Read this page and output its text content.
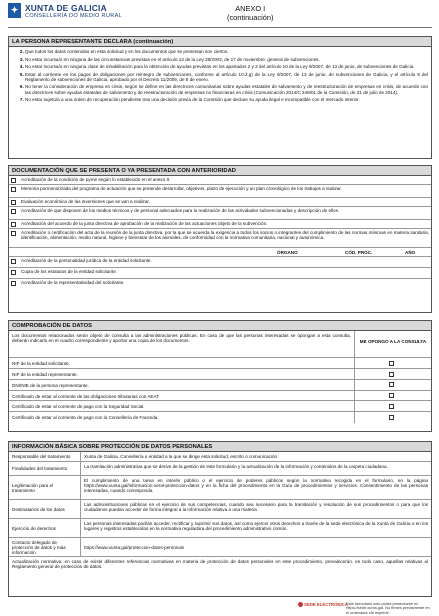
✦ XUNTA DE GALICIA
CONSELLERÍA DO MEDIO RURAL
ANEXO I
(continuación)
LA PERSONA REPRESENTANTE DECLARA (continuación)
2. Que todos los datos contenidos en esta solicitud y en los documentos que se presentan son ciertos.
3. No estar incursa/o en ninguna de las circunstancias previstas en el artículo 13 de la Ley 38/2003, de 17 de noviembre, general de subvenciones.
4. No estar incursa/o en ninguna clase de inhabilitación para la obtención de ayudas previstas en los apartados 2 y 3 del artículo 10 de la Ley 9/2007, de 13 de junio, de subvenciones de Galicia.
5. Estar al corriente en los pagos de obligaciones por reintegro de subvenciones, conforme al artículo 10.2.g) de la Ley 9/2007, de 13 de junio, de subvenciones de Galicia, y el artículo 9 del Reglamento de subvenciones de Galicia, aprobado por el Decreto 11/2009, de 8 de enero.
6. No tener la consideración de empresa en crisis, según se define en las directrices comunitarias sobre ayudas estatales de salvamento y de reestructuración de empresas en crisis, de acuerdo con las directrices sobre ayudas estatales de salvamento y de reestructuración de empresas no financieras en crisis (Comunicación 2014/C 249/01 de la Comisión, de 31 de julio de 2014).
7. No estar sujeto/a a una orden de recuperación pendiente tras una decisión previa de la Comisión que declare su ayuda ilegal e incompatible con el mercado interior.
DOCUMENTACIÓN QUE SE PRESENTA O YA PRESENTADA CON ANTERIORIDAD
Acreditación de la condición de pyme según lo establecido en el anexo II.
Memoria pormenorizada del programa de actuación que se pretende desarrollar, objetivos, plazo de ejecución y un plan cronológico de los trabajos a realizar.
Evaluación económica de las inversiones que se van a realizar.
Acreditación de que disponen de los medios técnicos y de personal adecuados para la realización de las actividades subvencionadas y descripción de ellos.
Acreditación del acuerdo de la junta directiva de aprobación de la realización de las actuaciones objeto de la subvención.
Acreditación o certificación del acta de la reunión de la junta directiva, por la que se acuerda la exigencia a todos los socios o integrantes del cumplimiento de las normas mínimas en materia sanitaria, identificación, alimentación, medio natural, higiene y bienestar de los animales, de conformidad con la normativa comunitaria, nacional y autonómica.
ÓRGANO	CÓD. PROC.	AÑO
Acreditación de la personalidad jurídica de la entidad solicitante.
Copia de los estatutos de la entidad solicitante.
Acreditación de la representatividad del solicitante.
COMPROBACIÓN DE DATOS
Los documentos relacionados serán objeto de consulta a las administraciones públicas. En caso de que las personas interesadas se opongan a esta consulta, deberán indicarlo en el cuadro correspondiente y aportar una copia de los documentos.	ME OPONGO A LA CONSULTA
NIF de la entidad solicitante.
NIF de la entidad representante.
DNI/NIE de la persona representante.
Certificado de estar al corriente de las obligaciones tributarias con AEAT.
Certificado de estar al corriente de pago con la Seguridad Social.
Certificado de estar al corriente de pago con la Consellería de Facenda.
INFORMACIÓN BÁSICA SOBRE PROTECCIÓN DE DATOS PERSONALES
Responsable del tratamiento	Xunta de Galicia. Consellería o entidad a la que se dirige esta solicitud, escrito o comunicación.
Finalidades del tratamiento	La tramitación administrativa que se derive de la gestión de este formulario y la actualización de la información y contenidos de la carpeta ciudadana.
Legitimación para el tratamiento
El cumplimiento de una tarea en interés público o el ejercicio de poderes públicos según la normativa recogida en el formulario, en la página https://www.xunta.gal/informacion-xeral-proteccion-datos y en la ficha del procedimiento en la Guía de procedimientos y servicios. Consentimiento de las personas interesadas, cuando corresponda.
Destinatarios de los datos
Las administraciones públicas en el ejercicio de sus competencias, cuando sea necesario para la tramitación y resolución de sus procedimientos o para que los ciudadanos puedan acceder de forma integral a la información relativa a una materia.
Ejercicio de derechos
Las personas interesadas podrán acceder, rectificar y suprimir sus datos, así como ejercer otros derechos a través de la sede electrónica de la Xunta de Galicia o en los lugares y registros establecidos en la normativa reguladora del procedimiento administrativo común.
Contacto delegado de protección de datos y más información
https://www.xunta.gal/proteccion-datos-personais
Actualización normativa: en caso de existir diferentes referencias normativas en materia de protección de datos personales en este procedimiento, prevalecerán, en todo caso, aquellas relativas al Reglamento general de protección de datos.
SEDE ELECTRÓNICA
Este formulario solo podrá presentarse en https://sede.xunta.gal. No firmes previamente en el ordenador sin imprimir.
